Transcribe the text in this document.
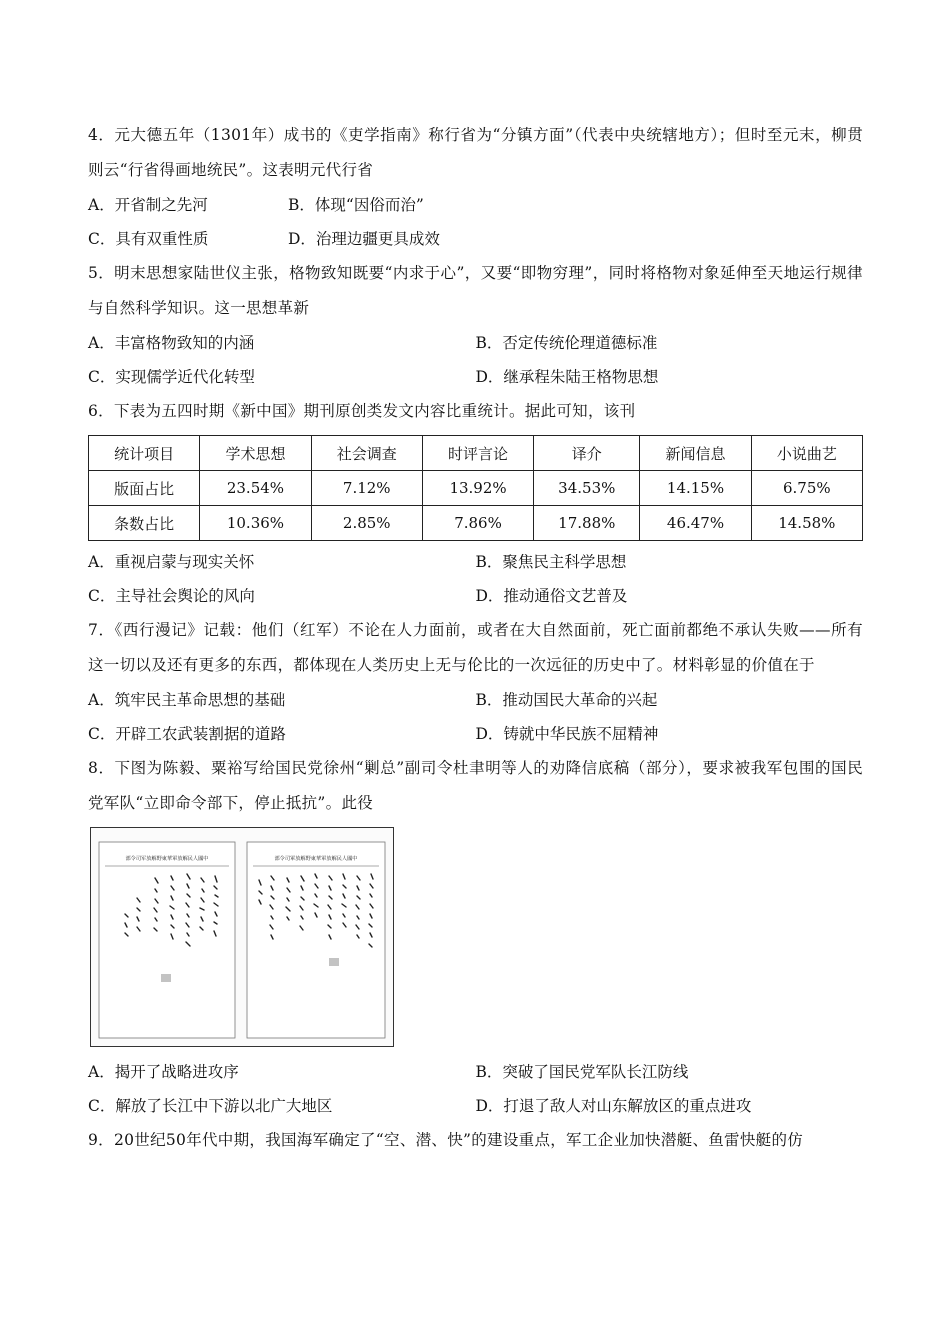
4．元大德五年（1301年）成书的《吏学指南》称行省为“分镇方面”（代表中央统辖地方）；但时至元末，柳贯则云“行省得画地统民”。这表明元代行省

A．开省制之先河	B．体现“因俗而治”
C．具有双重性质	D．治理边疆更具成效

5．明末思想家陆世仪主张，格物致知既要“内求于心”，又要“即物穷理”，同时将格物对象延伸至天地运行规律与自然科学知识。这一思想革新

A．丰富格物致知的内涵	B．否定传统伦理道德标准
C．实现儒学近代化转型	D．继承程朱陆王格物思想

6．下表为五四时期《新中国》期刊原创类发文内容比重统计。据此可知，该刊

统计项目	学术思想	社会调查	时评言论	译介	新闻信息	小说曲艺
版面占比	23.54%	7.12%	13.92%	34.53%	14.15%	6.75%
条数占比	10.36%	2.85%	7.86%	17.88%	46.47%	14.58%
A．重视启蒙与现实关怀	B．聚焦民主科学思想
C．主导社会舆论的风向	D．推动通俗文艺普及

7．《西行漫记》记载：他们（红军）不论在人力面前，或者在大自然面前，死亡面前都绝不承认失败——所有这一切以及还有更多的东西，都体现在人类历史上无与伦比的一次远征的历史中了。材料彰显的价值在于

A．筑牢民主革命思想的基础	B．推动国民大革命的兴起
C．开辟工农武装割据的道路	D．铸就中华民族不屈精神

8．下图为陈毅、粟裕写给国民党徐州“剿总”副司令杜聿明等人的劝降信底稿（部分），要求被我军包围的国民党军队“立即命令部下，停止抵抗”。此役

部令司军放解野東華軍放解民人國中	部令司軍放解野東華軍放解民人國中
A．揭开了战略进攻序	B．突破了国民党军队长江防线
C．解放了长江中下游以北广大地区	D．打退了敌人对山东解放区的重点进攻

9．20世纪50年代中期，我国海军确定了“空、潜、快”的建设重点，军工企业加快潜艇、鱼雷快艇的仿
